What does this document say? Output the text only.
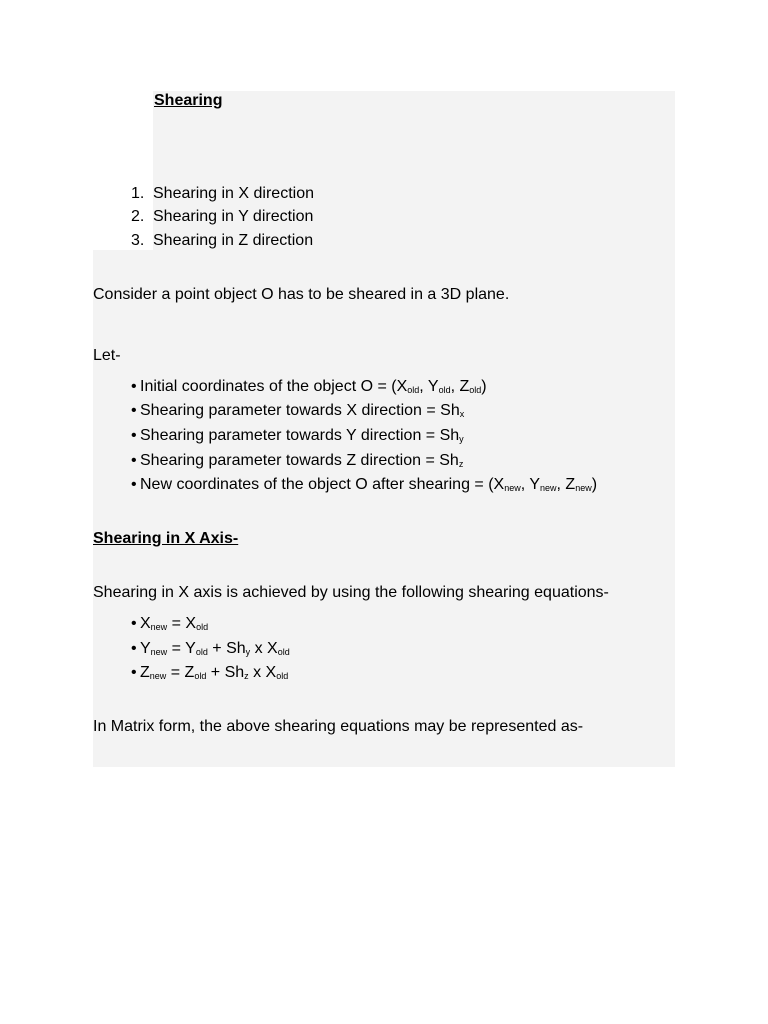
Shearing
1. Shearing in X direction
2. Shearing in Y direction
3. Shearing in Z direction
Consider a point object O has to be sheared in a 3D plane.
Let-
• Initial coordinates of the object $O = (X_{old}$, $Y_{old}$, $Z_{old}$)
• Shearing parameter towards X direction = $Sh_x$
• Shearing parameter towards Y direction = $Sh_y$
• Shearing parameter towards Z direction = $Sh_z$
• New coordinates of the object O after shearing = ($X_{new}$, $Y_{new}$, $Z_{new}$)
Shearing in X Axis-
Shearing in X axis is achieved by using the following shearing equations-
• $X_{new} = X_{old}$
• $Y_{new} = Y_{old} + Sh_y$ x $X_{old}$
• $Z_{new} = Z_{old} + Sh_z$ x $X_{old}$
In Matrix form, the above shearing equations may be represented as-
